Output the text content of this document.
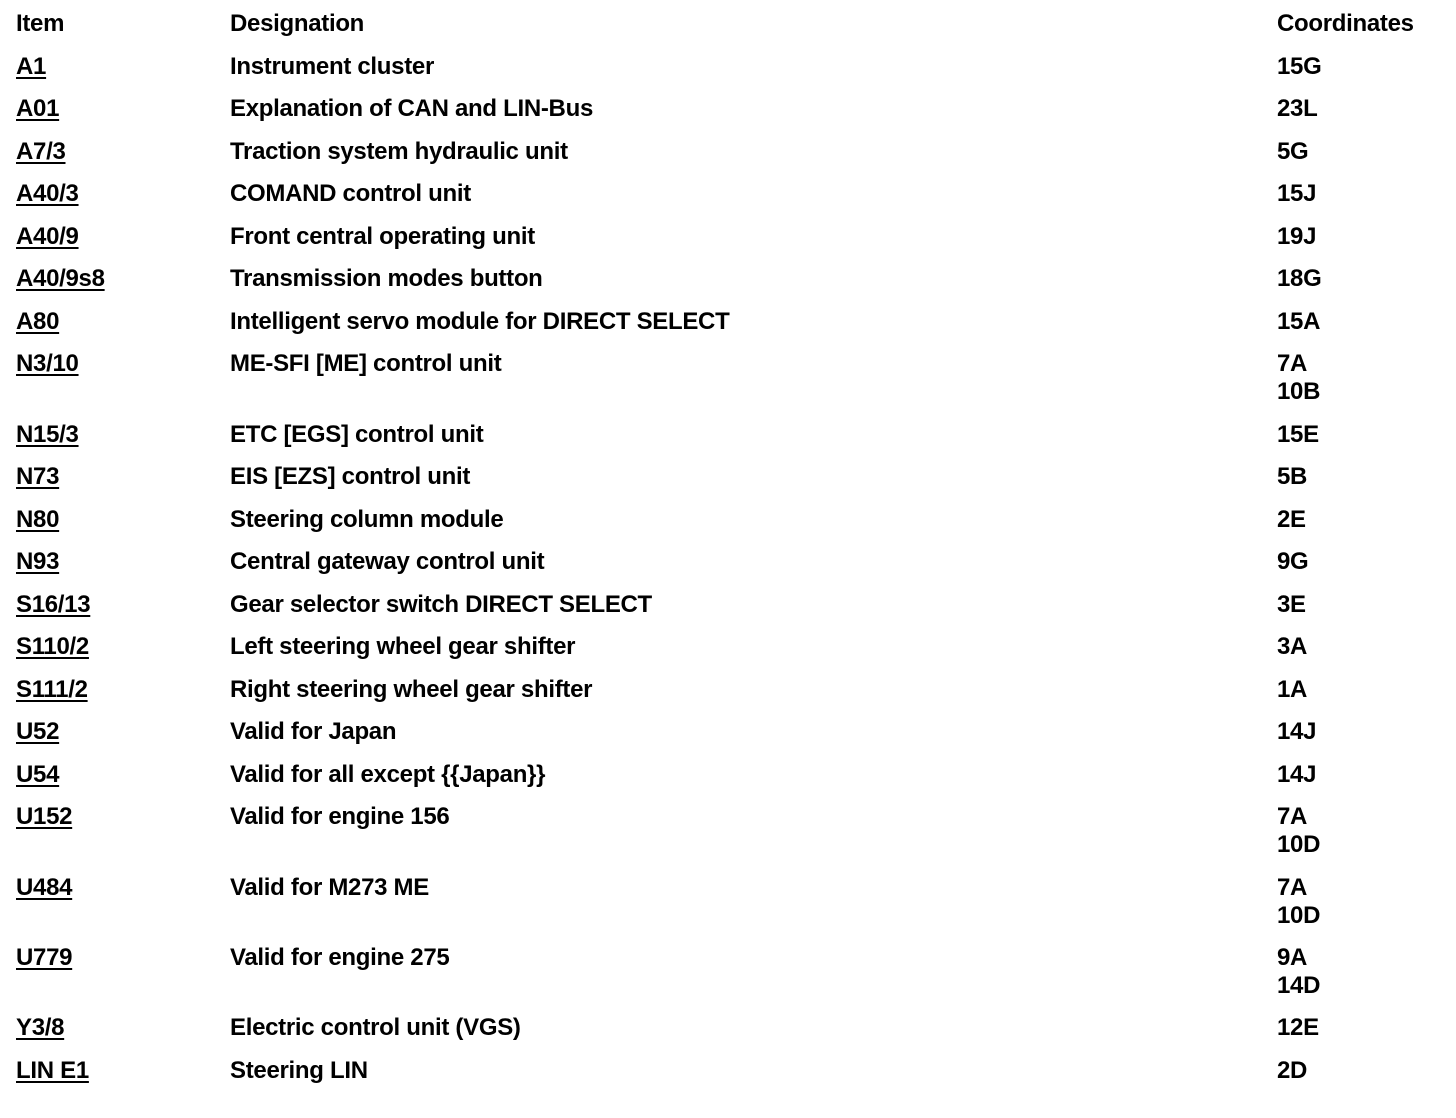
Item	Designation	Coordinates
A1	Instrument cluster	15G
A01	Explanation of CAN and LIN-Bus	23L
A7/3	Traction system hydraulic unit	5G
A40/3	COMAND control unit	15J
A40/9	Front central operating unit	19J
A40/9s8	Transmission modes button	18G
A80	Intelligent servo module for DIRECT SELECT	15A
N3/10	ME-SFI [ME] control unit	7A
10B
N15/3	ETC [EGS] control unit	15E
N73	EIS [EZS] control unit	5B
N80	Steering column module	2E
N93	Central gateway control unit	9G
S16/13	Gear selector switch DIRECT SELECT	3E
S110/2	Left steering wheel gear shifter	3A
S111/2	Right steering wheel gear shifter	1A
U52	Valid for Japan	14J
U54	Valid for all except {{Japan}}	14J
U152	Valid for engine 156	7A
10D
U484	Valid for M273 ME	7A
10D
U779	Valid for engine 275	9A
14D
Y3/8	Electric control unit (VGS)	12E
LIN E1	Steering LIN	2D
